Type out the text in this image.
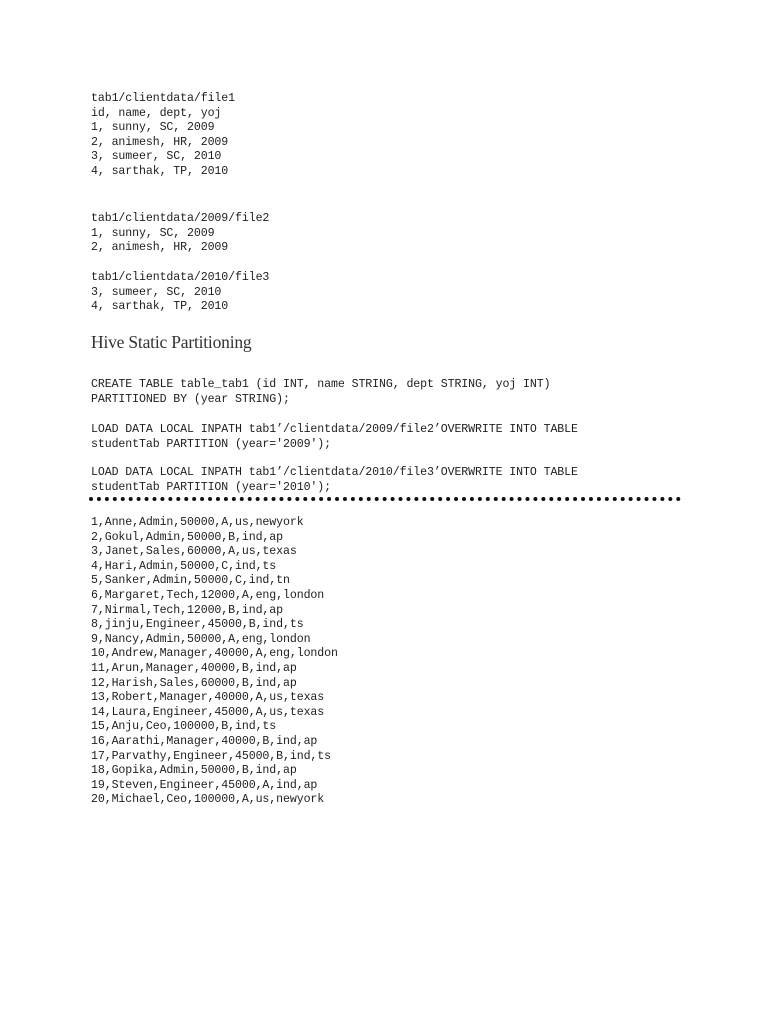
tab1/clientdata/file1
id, name, dept, yoj
1, sunny, SC, 2009
2, animesh, HR, 2009
3, sumeer, SC, 2010
4, sarthak, TP, 2010
tab1/clientdata/2009/file2
1, sunny, SC, 2009
2, animesh, HR, 2009
tab1/clientdata/2010/file3
3, sumeer, SC, 2010
4, sarthak, TP, 2010
Hive Static Partitioning
CREATE TABLE table_tab1 (id INT, name STRING, dept STRING, yoj INT)
PARTITIONED BY (year STRING);
LOAD DATA LOCAL INPATH tab1’/clientdata/2009/file2’OVERWRITE INTO TABLE
studentTab PARTITION (year='2009');
LOAD DATA LOCAL INPATH tab1’/clientdata/2010/file3’OVERWRITE INTO TABLE
studentTab PARTITION (year='2010');
1,Anne,Admin,50000,A,us,newyork
2,Gokul,Admin,50000,B,ind,ap
3,Janet,Sales,60000,A,us,texas
4,Hari,Admin,50000,C,ind,ts
5,Sanker,Admin,50000,C,ind,tn
6,Margaret,Tech,12000,A,eng,london
7,Nirmal,Tech,12000,B,ind,ap
8,jinju,Engineer,45000,B,ind,ts
9,Nancy,Admin,50000,A,eng,london
10,Andrew,Manager,40000,A,eng,london
11,Arun,Manager,40000,B,ind,ap
12,Harish,Sales,60000,B,ind,ap
13,Robert,Manager,40000,A,us,texas
14,Laura,Engineer,45000,A,us,texas
15,Anju,Ceo,100000,B,ind,ts
16,Aarathi,Manager,40000,B,ind,ap
17,Parvathy,Engineer,45000,B,ind,ts
18,Gopika,Admin,50000,B,ind,ap
19,Steven,Engineer,45000,A,ind,ap
20,Michael,Ceo,100000,A,us,newyork
